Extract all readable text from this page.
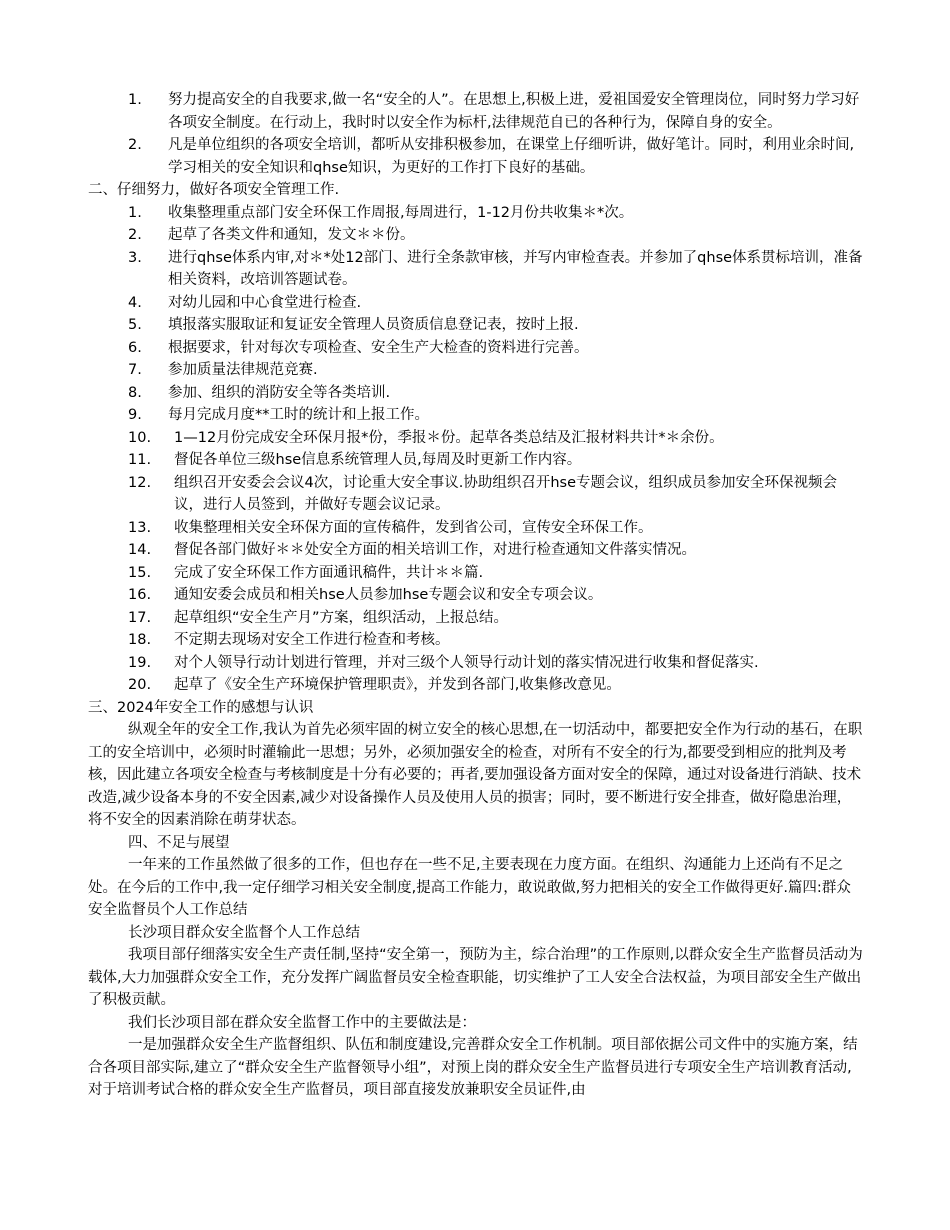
1. 努力提高安全的自我要求,做一名“安全的人”。在思想上,积极上进，爱祖国爱安全管理岗位，同时努力学习好各项安全制度。在行动上，我时时以安全作为标杆,法律规范自已的各种行为，保障自身的安全。
2. 凡是单位组织的各项安全培训，都听从安排积极参加，在课堂上仔细听讲，做好笔计。同时，利用业余时间,学习相关的安全知识和qhse知识，为更好的工作打下良好的基础。
二、仔细努力，做好各项安全管理工作.
1. 收集整理重点部门安全环保工作周报,每周进行，1-12月份共收集＊*次。
2. 起草了各类文件和通知，发文＊＊份。
3. 进行qhse体系内审,对＊*处12部门、进行全条款审核，并写内审检查表。并参加了qhse体系贯标培训，准备相关资料，改培训答题试卷。
4. 对幼儿园和中心食堂进行检查.
5. 填报落实服取证和复证安全管理人员资质信息登记表，按时上报.
6. 根据要求，针对每次专项检查、安全生产大检查的资料进行完善。
7. 参加质量法律规范竞赛.
8. 参加、组织的消防安全等各类培训.
9. 每月完成月度**工时的统计和上报工作。
10. 1—12月份完成安全环保月报*份，季报＊份。起草各类总结及汇报材料共计*＊余份。
11. 督促各单位三级hse信息系统管理人员,每周及时更新工作内容。
12. 组织召开安委会会议4次，讨论重大安全事议.协助组织召开hse专题会议，组织成员参加安全环保视频会议，进行人员签到，并做好专题会议记录。
13. 收集整理相关安全环保方面的宣传稿件，发到省公司，宣传安全环保工作。
14. 督促各部门做好＊＊处安全方面的相关培训工作，对进行检查通知文件落实情况。
15. 完成了安全环保工作方面通讯稿件，共计＊＊篇.
16. 通知安委会成员和相关hse人员参加hse专题会议和安全专项会议。
17. 起草组织“安全生产月”方案，组织活动，上报总结。
18. 不定期去现场对安全工作进行检查和考核。
19. 对个人领导行动计划进行管理，并对三级个人领导行动计划的落实情况进行收集和督促落实.
20. 起草了《安全生产环境保护管理职责》，并发到各部门,收集修改意见。
三、2024年安全工作的感想与认识
纵观全年的安全工作,我认为首先必须牢固的树立安全的核心思想,在一切活动中，都要把安全作为行动的基石，在职工的安全培训中，必须时时灌输此一思想；另外，必须加强安全的检查，对所有不安全的行为,都要受到相应的批判及考核，因此建立各项安全检查与考核制度是十分有必要的；再者,要加强设备方面对安全的保障，通过对设备进行消缺、技术改造,减少设备本身的不安全因素,减少对设备操作人员及使用人员的损害；同时，要不断进行安全排查，做好隐患治理，将不安全的因素消除在萌芽状态。
四、不足与展望
一年来的工作虽然做了很多的工作，但也存在一些不足,主要表现在力度方面。在组织、沟通能力上还尚有不足之处。在今后的工作中,我一定仔细学习相关安全制度,提高工作能力，敢说敢做,努力把相关的安全工作做得更好.篇四:群众安全监督员个人工作总结
长沙项目群众安全监督个人工作总结
我项目部仔细落实安全生产责任制,坚持“安全第一，预防为主，综合治理”的工作原则,以群众安全生产监督员活动为载体,大力加强群众安全工作，充分发挥广阔监督员安全检查职能，切实维护了工人安全合法权益，为项目部安全生产做出了积极贡献。
我们长沙项目部在群众安全监督工作中的主要做法是：
一是加强群众安全生产监督组织、队伍和制度建设,完善群众安全工作机制。项目部依据公司文件中的实施方案，结合各项目部实际,建立了“群众安全生产监督领导小组”，对预上岗的群众安全生产监督员进行专项安全生产培训教育活动,对于培训考试合格的群众安全生产监督员，项目部直接发放兼职安全员证件,由
